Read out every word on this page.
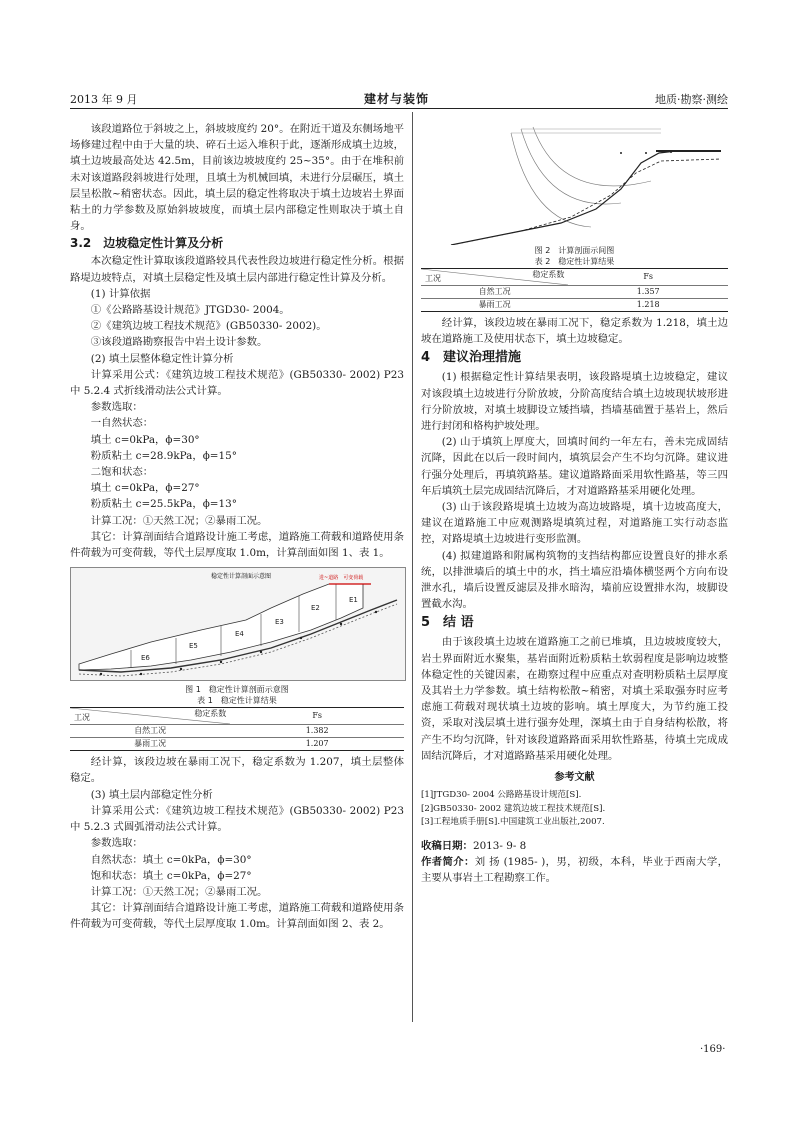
2013 年 9 月	建材与装饰	地质·勘察·测绘

该段道路位于斜坡之上，斜坡坡度约 20°。在附近干道及东侧场地平场修建过程中由于大量的块、碎石土运入堆积于此，逐渐形成填土边坡，填土边坡最高处达 42.5m，目前该边坡坡度约 25~35°。由于在堆积前未对该道路段斜坡进行处理，且填土为机械回填，未进行分层碾压，填土层呈松散~稍密状态。因此，填土层的稳定性将取决于填土边坡岩土界面粘土的力学参数及原始斜坡坡度，而填土层内部稳定性则取决于填土自身。

3.2　边坡稳定性计算及分析

本次稳定性计算取该段道路较具代表性段边坡进行稳定性分析。根据路堤边坡特点，对填土层稳定性及填土层内部进行稳定性计算及分析。

(1) 计算依据

①《公路路基设计规范》JTGD30- 2004。

②《建筑边坡工程技术规范》(GB50330- 2002)。

③该段道路勘察报告中岩土设计参数。

(2) 填土层整体稳定性计算分析

计算采用公式：《建筑边坡工程技术规范》(GB50330- 2002) P23 中 5.2.4 式折线滑动法公式计算。

参数选取：

一自然状态：

填土 c=0kPa，ϕ=30°

粉质粘土 c=28.9kPa，ϕ=15°

二饱和状态：

填土 c=0kPa，ϕ=27°

粉质粘土 c=25.5kPa，ϕ=13°

计算工况：①天然工况；②暴雨工况。

其它：计算剖面结合道路设计施工考虑，道路施工荷载和道路使用条件荷载为可变荷载，等代土层厚度取 1.0m，计算剖面如图 1、表 1。

稳定性计算剖面示意图	进~道路　可变荷载
E1
E2
E3
E4
E5
E6
图 1　稳定性计算剖面示意图
表 1　稳定性计算结果
工况 稳定系数	Fs
自然工况	1.382
暴雨工况	1.207

经计算，该段边坡在暴雨工况下，稳定系数为 1.207，填土层整体稳定。

(3) 填土层内部稳定性分析

计算采用公式：《建筑边坡工程技术规范》(GB50330- 2002) P23 中 5.2.3 式圆弧滑动法公式计算。

参数选取：

自然状态：填土 c=0kPa，ϕ=30°

饱和状态：填土 c=0kPa，ϕ=27°

计算工况：①天然工况；②暴雨工况。

其它：计算剖面结合道路设计施工考虑，道路施工荷载和道路使用条件荷载为可变荷载，等代土层厚度取 1.0m。计算剖面如图 2、表 2。

图 2　计算剖面示间图
表 2　稳定性计算结果
工况 稳定系数	Fs
自然工况	1.357
暴雨工况	1.218

经计算，该段边坡在暴雨工况下，稳定系数为 1.218，填土边坡在道路施工及使用状态下，填土边坡稳定。

4　建议治理措施

(1) 根据稳定性计算结果表明，该段路堤填土边坡稳定，建议对该段填土边坡进行分阶放坡，分阶高度结合填土边坡现状坡形进行分阶放坡，对填土坡脚设立矮挡墙，挡墙基础置于基岩上，然后进行封闭和格构护坡处理。

(2) 山于填筑上厚度大，回填时间约一年左右，善未完成固结沉降，因此在以后一段时间内，填筑层会产生不均匀沉降。建议进行强分处理后，再填筑路基。建议道路路面采用软性路基，等三四年后填筑土层完成固结沉降后，才对道路路基采用硬化处理。

(3) 山于该段路堤填土边坡为高边坡路堤，填十边坡高度大，建议在道路施工中应观测路堤填筑过程，对道路施工实行动态监控，对路堤填土边坡进行变形监测。

(4) 拟建道路和附属构筑物的支挡结构都应设置良好的排水系统，以排泄墙后的填土中的水，挡土墙应沿墙体横竖两个方向布设泄水孔，墙后设置反滤层及排水暗沟，墙前应设置排水沟，坡脚设置截水沟。

5　结 语

由于该段填土边坡在道路施工之前已堆填，且边坡坡度较大，岩土界面附近水聚集，基岩面附近粉质粘土软弱程度是影响边坡整体稳定性的关键因素，在勘察过程中应重点对查明粉质粘土层厚度及其岩土力学参数。填土结构松散~稍密，对填土采取强夯时应考虑施工荷载对现状填土边坡的影响。填土厚度大，为节约施工投资，采取对浅层填土进行强夯处理，深填土由于自身结构松散，将产生不均匀沉降，针对该段道路路面采用软性路基，待填土完成成固结沉降后，才对道路路基采用硬化处理。

参考文献
[1]JTGD30- 2004 公路路基设计规范[S].
[2]GB50330- 2002 建筑边坡工程技术规范[S].
[3]工程地质手册[S].中国建筑工业出版社,2007.

收稿日期：2013- 9- 8

作者简介：刘 扬 (1985- )，男，初级，本科，毕业于西南大学，主要从事岩土工程勘察工作。

·169·
